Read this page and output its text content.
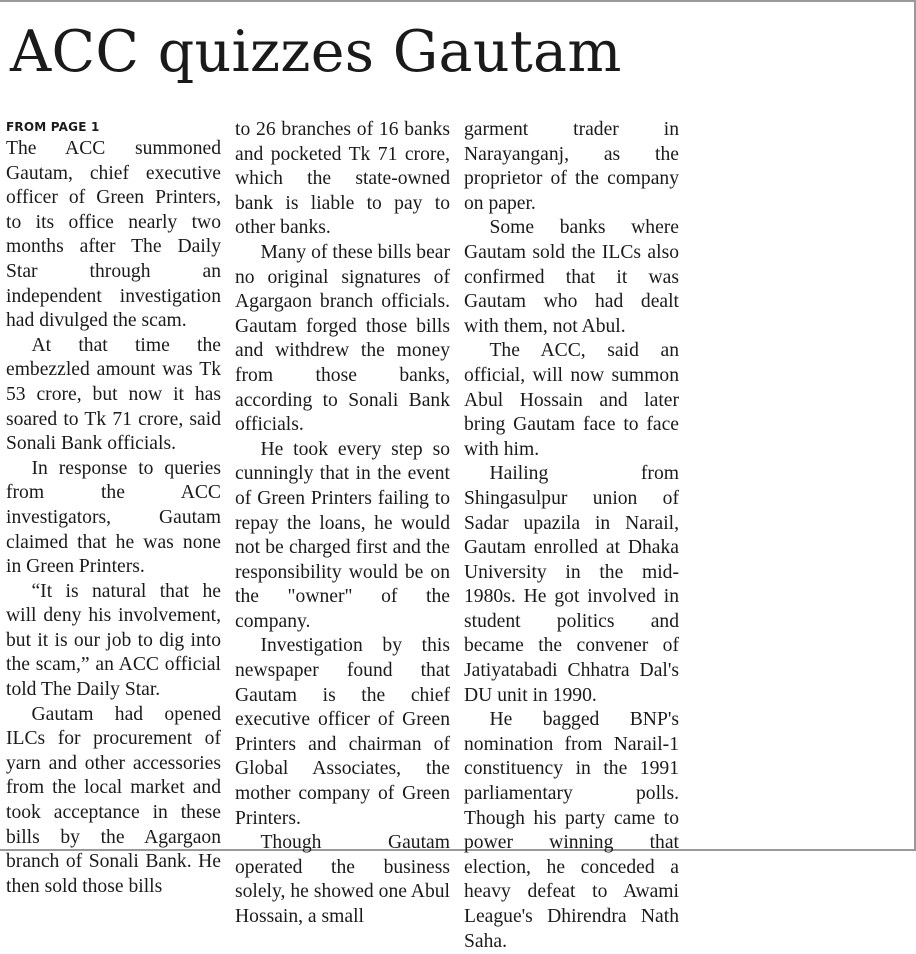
ACC quizzes Gautam
FROM PAGE 1

The ACC summoned Gautam, chief executive officer of Green Printers, to its office nearly two months after The Daily Star through an independent investigation had divulged the scam.

At that time the embezzled amount was Tk 53 crore, but now it has soared to Tk 71 crore, said Sonali Bank officials.

In response to queries from the ACC investigators, Gautam claimed that he was none in Green Printers.

“It is natural that he will deny his involvement, but it is our job to dig into the scam,” an ACC official told The Daily Star.

Gautam had opened ILCs for procurement of yarn and other accessories from the local market and took acceptance in these bills by the Agargaon branch of Sonali Bank. He then sold those bills

to 26 branches of 16 banks and pocketed Tk 71 crore, which the state-owned bank is liable to pay to other banks.

Many of these bills bear no original signatures of Agargaon branch officials. Gautam forged those bills and withdrew the money from those banks, according to Sonali Bank officials.

He took every step so cunningly that in the event of Green Printers failing to repay the loans, he would not be charged first and the responsibility would be on the "owner" of the company.

Investigation by this newspaper found that Gautam is the chief executive officer of Green Printers and chairman of Global Associates, the mother company of Green Printers.

Though Gautam operated the business solely, he showed one Abul Hossain, a small

garment trader in Narayanganj, as the proprietor of the company on paper.

Some banks where Gautam sold the ILCs also confirmed that it was Gautam who had dealt with them, not Abul.

The ACC, said an official, will now summon Abul Hossain and later bring Gautam face to face with him.

Hailing from Shingasulpur union of Sadar upazila in Narail, Gautam enrolled at Dhaka University in the mid-1980s. He got involved in student politics and became the convener of Jatiyatabadi Chhatra Dal's DU unit in 1990.

He bagged BNP's nomination from Narail-1 constituency in the 1991 parliamentary polls. Though his party came to power winning that election, he conceded a heavy defeat to Awami League's Dhirendra Nath Saha.
